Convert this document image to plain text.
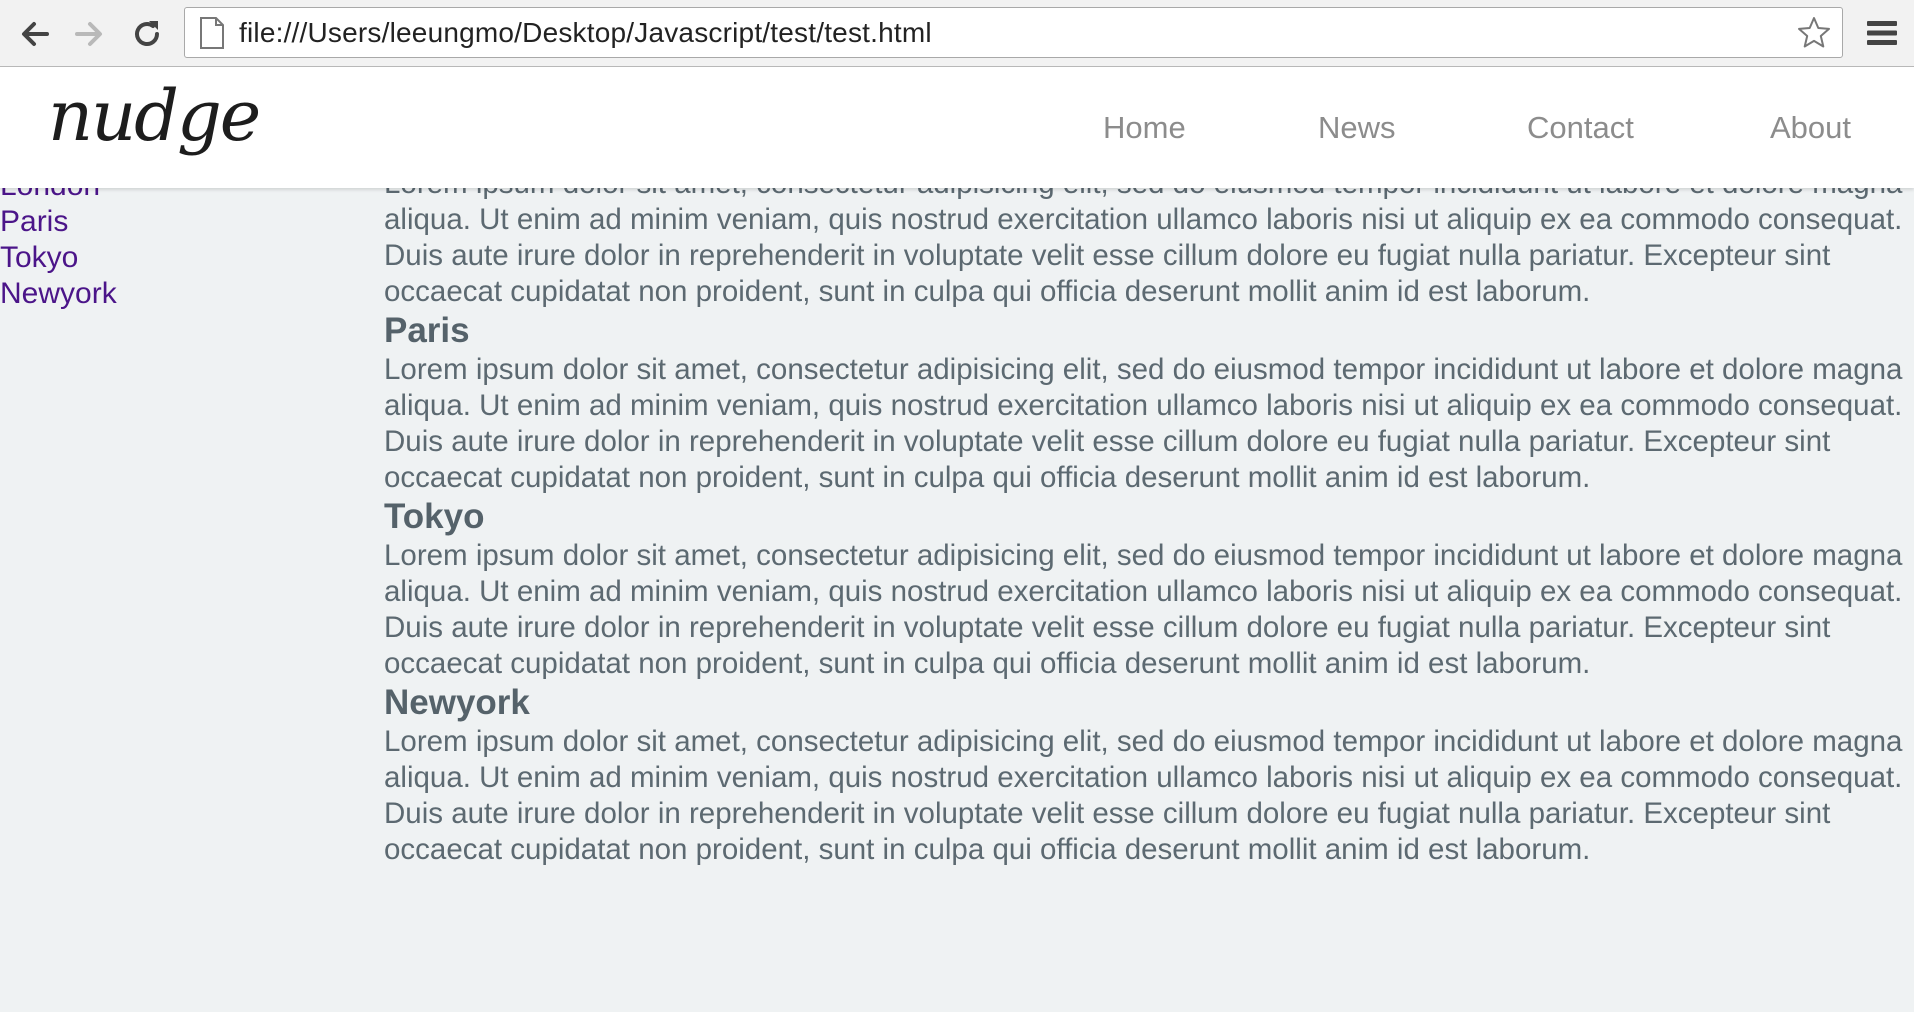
file:///Users/leeungmo/Desktop/Javascript/test/test.html
nudge	Home	News	Contact	About
Paris
Tokyo
Newyork

aliqua. Ut enim ad minim veniam, quis nostrud exercitation ullamco laboris nisi ut aliquip ex ea commodo consequat. Duis aute irure dolor in reprehenderit in voluptate velit esse cillum dolore eu fugiat nulla pariatur. Excepteur sint occaecat cupidatat non proident, sunt in culpa qui officia deserunt mollit anim id est laborum.

Paris

Lorem ipsum dolor sit amet, consectetur adipisicing elit, sed do eiusmod tempor incididunt ut labore et dolore magna aliqua. Ut enim ad minim veniam, quis nostrud exercitation ullamco laboris nisi ut aliquip ex ea commodo consequat. Duis aute irure dolor in reprehenderit in voluptate velit esse cillum dolore eu fugiat nulla pariatur. Excepteur sint occaecat cupidatat non proident, sunt in culpa qui officia deserunt mollit anim id est laborum.

Tokyo

Lorem ipsum dolor sit amet, consectetur adipisicing elit, sed do eiusmod tempor incididunt ut labore et dolore magna aliqua. Ut enim ad minim veniam, quis nostrud exercitation ullamco laboris nisi ut aliquip ex ea commodo consequat. Duis aute irure dolor in reprehenderit in voluptate velit esse cillum dolore eu fugiat nulla pariatur. Excepteur sint occaecat cupidatat non proident, sunt in culpa qui officia deserunt mollit anim id est laborum.

Newyork

Lorem ipsum dolor sit amet, consectetur adipisicing elit, sed do eiusmod tempor incididunt ut labore et dolore magna aliqua. Ut enim ad minim veniam, quis nostrud exercitation ullamco laboris nisi ut aliquip ex ea commodo consequat. Duis aute irure dolor in reprehenderit in voluptate velit esse cillum dolore eu fugiat nulla pariatur. Excepteur sint occaecat cupidatat non proident, sunt in culpa qui officia deserunt mollit anim id est laborum.
